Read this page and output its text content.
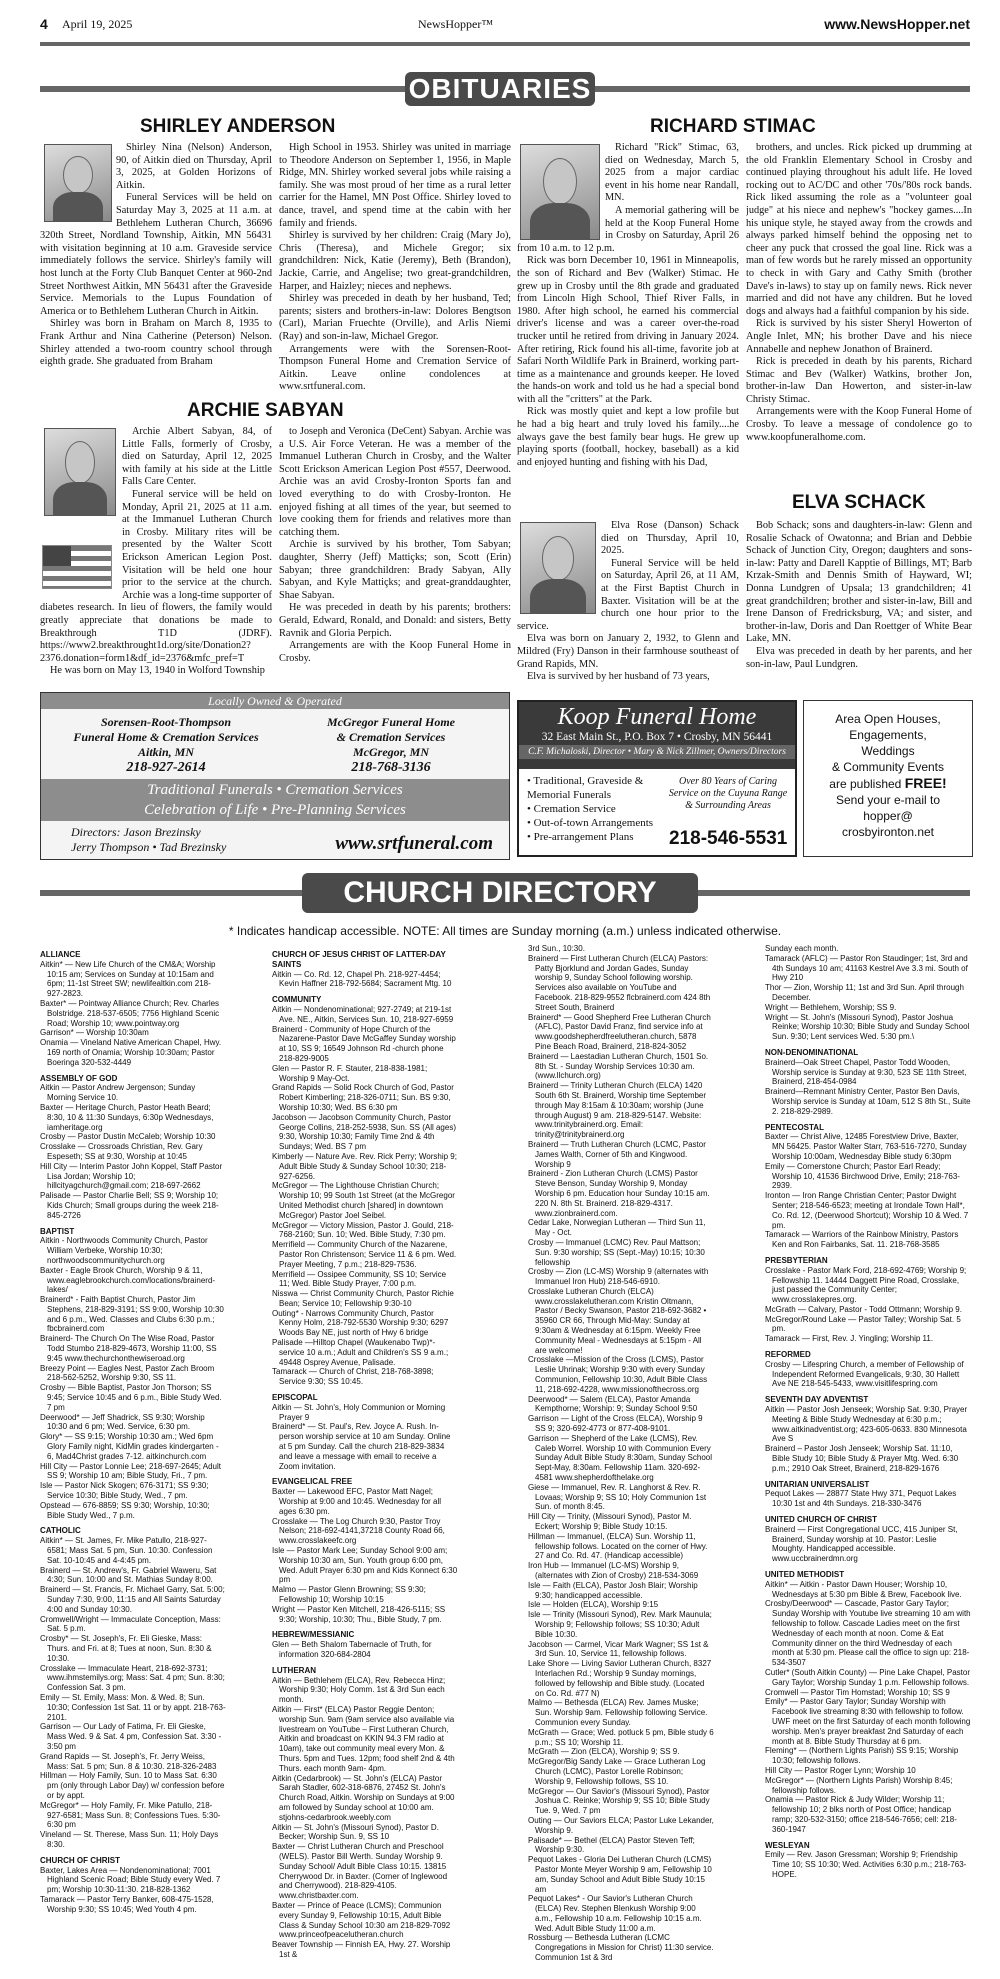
4 April 19, 2025	NewsHopper™	www.NewsHopper.net
OBITUARIES
SHIRLEY ANDERSON

Shirley Nina (Nelson) Anderson, 90, of Aitkin died on Thursday, April 3, 2025, at Golden Horizons of Aitkin.

Funeral Services will be held on Saturday May 3, 2025 at 11 a.m. at Bethlehem Lutheran Church, 36696 320th Street, Nordland Township, Aitkin, MN 56431 with visitation beginning at 10 a.m. Graveside service immediately follows the service. Shirley's family will host lunch at the Forty Club Banquet Center at 960-2nd Street Northwest Aitkin, MN 56431 after the Graveside Service. Memorials to the Lupus Foundation of America or to Bethlehem Lutheran Church in Aitkin.

Shirley was born in Braham on March 8, 1935 to Frank Arthur and Nina Catherine (Peterson) Nelson. Shirley attended a two-room country school through eighth grade. She graduated from Braham

High School in 1953. Shirley was united in marriage to Theodore Anderson on September 1, 1956, in Maple Ridge, MN. Shirley worked several jobs while raising a family. She was most proud of her time as a rural letter carrier for the Hamel, MN Post Office. Shirley loved to dance, travel, and spend time at the cabin with her family and friends.

Shirley is survived by her children: Craig (Mary Jo), Chris (Theresa), and Michele Gregor; six grandchildren: Nick, Katie (Jeremy), Beth (Brandon), Jackie, Carrie, and Angelise; two great-grandchildren, Harper, and Haizley; nieces and nephews.

Shirley was preceded in death by her husband, Ted; parents; sisters and brothers-in-law: Dolores Bengtson (Carl), Marian Fruechte (Orville), and Arlis Niemi (Ray) and son-in-law, Michael Gregor.

Arrangements were with the Sorensen-Root-Thompson Funeral Home and Cremation Service of Aitkin. Leave online condolences at www.srtfuneral.com.

ARCHIE SABYAN

Archie Albert Sabyan, 84, of Little Falls, formerly of Crosby, died on Saturday, April 12, 2025 with family at his side at the Little Falls Care Center.

Funeral service will be held on Monday, April 21, 2025 at 11 a.m. at the Immanuel Lutheran Church in Crosby. Military rites will be presented by the Walter Scott Erickson American Legion Post. Visitation will be held one hour prior to the service at the church. Archie was a long-time supporter of diabetes research. In lieu of flowers, the family would greatly appreciate that donations be made to Breakthrough T1D (JDRF). https://www2.breakthrought1d.org/site/Donation2?2376.donation=form1&df_id=2376&mfc_pref=T

He was born on May 13, 1940 in Wolford Township

to Joseph and Veronica (DeCent) Sabyan. Archie was a U.S. Air Force Veteran. He was a member of the Immanuel Lutheran Church in Crosby, and the Walter Scott Erickson American Legion Post #557, Deerwood. Archie was an avid Crosby-Ironton Sports fan and loved everything to do with Crosby-Ironton. He enjoyed fishing at all times of the year, but seemed to love cooking them for friends and relatives more than catching them.

Archie is survived by his brother, Tom Sabyan; daughter, Sherry (Jeff) Mattiçks; son, Scott (Erin) Sabyan; three grandchildren: Brady Sabyan, Ally Sabyan, and Kyle Mattiçks; and great-granddaughter, Shae Sabyan.

He was preceded in death by his parents; brothers: Gerald, Edward, Ronald, and Donald: and sisters, Betty Ravnik and Gloria Perpich.

Arrangements are with the Koop Funeral Home in Crosby.

RICHARD STIMAC

Richard "Rick" Stimac, 63, died on Wednesday, March 5, 2025 from a major cardiac event in his home near Randall, MN.

A memorial gathering will be held at the Koop Funeral Home in Crosby on Saturday, April 26 from 10 a.m. to 12 p.m.

Rick was born December 10, 1961 in Minneapolis, the son of Richard and Bev (Walker) Stimac. He grew up in Crosby until the 8th grade and graduated from Lincoln High School, Thief River Falls, in 1980. After high school, he earned his commercial driver's license and was a career over-the-road trucker until he retired from driving in January 2024. After retiring, Rick found his all-time, favorite job at Safari North Wildlife Park in Brainerd, working part-time as a maintenance and grounds keeper. He loved the hands-on work and told us he had a special bond with all the "critters" at the Park.

Rick was mostly quiet and kept a low profile but he had a big heart and truly loved his family....he always gave the best family bear hugs. He grew up playing sports (football, hockey, baseball) as a kid and enjoyed hunting and fishing with his Dad,

brothers, and uncles. Rick picked up drumming at the old Franklin Elementary School in Crosby and continued playing throughout his adult life. He loved rocking out to AC/DC and other '70s/'80s rock bands. Rick liked assuming the role as a "volunteer goal judge" at his niece and nephew's "hockey games....In his unique style, he stayed away from the crowds and always parked himself behind the opposing net to cheer any puck that crossed the goal line. Rick was a man of few words but he rarely missed an opportunity to check in with Gary and Cathy Smith (brother Dave's in-laws) to stay up on family news. Rick never married and did not have any children. But he loved dogs and always had a faithful companion by his side.

Rick is survived by his sister Sheryl Howerton of Angle Inlet, MN; his brother Dave and his niece Annabelle and nephew Jonathon of Brainerd.

Rick is preceded in death by his parents, Richard Stimac and Bev (Walker) Watkins, brother Jon, brother-in-law Dan Howerton, and sister-in-law Christy Stimac.

Arrangements were with the Koop Funeral Home of Crosby. To leave a message of condolence go to www.koopfuneralhome.com.

ELVA SCHACK

Elva Rose (Danson) Schack died on Thursday, April 10, 2025.

Funeral Service will be held on Saturday, April 26, at 11 AM, at the First Baptist Church in Baxter. Visitation will be at the church one hour prior to the service.

Elva was born on January 2, 1932, to Glenn and Mildred (Fry) Danson in their farmhouse southeast of Grand Rapids, MN.

Elva is survived by her husband of 73 years,

Bob Schack; sons and daughters-in-law: Glenn and Rosalie Schack of Owatonna; and Brian and Debbie Schack of Junction City, Oregon; daughters and sons-in-law: Patty and Darell Kapptie of Billings, MT; Barb Krzak-Smith and Dennis Smith of Hayward, WI; Donna Lundgren of Upsala; 13 grandchildren; 41 great grandchildren; brother and sister-in-law, Bill and Irene Danson of Fredricksburg, VA; and sister, and brother-in-law, Doris and Dan Roettger of White Bear Lake, MN.

Elva was preceded in death by her parents, and her son-in-law, Paul Lundgren.

Locally Owned & Operated
Sorensen-Root-Thompson
Funeral Home & Cremation Services
Aitkin, MN
218-927-2614
McGregor Funeral Home
& Cremation Services
McGregor, MN
218-768-3136
Traditional Funerals • Cremation Services
Celebration of Life • Pre-Planning Services
Directors: Jason Brezinsky
Jerry Thompson • Tad Brezinsky	www.srtfuneral.com
Koop Funeral Home
32 East Main St., P.O. Box 7 • Crosby, MN 56441
C.F. Michaloski, Director • Mary & Nick Zillmer, Owners/Directors
• Traditional, Graveside &
Memorial Funerals
• Cremation Service
• Out-of-town Arrangements
• Pre-arrangement Plans
Over 80 Years of Caring Service on the Cuyuna Range & Surrounding Areas
218-546-5531
Area Open Houses,
Engagements,
Weddings
& Community Events
are published FREE!
Send your e-mail to
hopper@
crosbyironton.net
CHURCH DIRECTORY
* Indicates handicap accessible. NOTE: All times are Sunday morning (a.m.) unless indicated otherwise.
ALLIANCE
Aitkin* — New Life Church of the CM&A; Worship 10:15 am; Services on Sunday at 10:15am and 6pm; 11-1st Street SW; newlifealtkin.com 218-927-2823.
Baxter* — Pointway Alliance Church; Rev. Charles Bolstridge. 218-537-6505; 7756 Highland Scenic Road; Worship 10; www.pointway.org
Garrison* — Worship 10:30am
Onamia — Vineland Native American Chapel, Hwy. 169 north of Onamia; Worship 10:30am; Pastor Boeringa 320-532-4449
ASSEMBLY OF GOD
Aitkin — Pastor Andrew Jergenson; Sunday Morning Service 10.
Baxter — Heritage Church, Pastor Heath Beard; 8:30, 10 & 11:30 Sundays, 6:30p Wednesdays, iamheritage.org
Crosby — Pastor Dustin McCaleb; Worship 10:30
Crosslake — Crossroads Christian, Rev. Gary Espeseth; SS at 9:30, Worship at 10:45
Hill City — Interim Pastor John Koppel, Staff Pastor Lisa Jordan; Worship 10; hillcityagchurch@gmail.com; 218-697-2662
Palisade — Pastor Charlie Bell; SS 9; Worship 10; Kids Church; Small groups during the week 218-845-2726
BAPTIST
Aitkin - Northwoods Community Church, Pastor William Verbeke, Worship 10:30; northwoodscommunitychurch.org
Baxter - Eagle Brook Church, Worship 9 & 11, www.eaglebrookchurch.com/locations/brainerd-lakes/
Brainerd* - Faith Baptist Church, Pastor Jim Stephens, 218-829-3191; SS 9:00, Worship 10:30 and 6 p.m., Wed. Classes and Clubs 6:30 p.m.; fbcbrainerd.com
Brainerd- The Church On The Wise Road, Pastor Todd Stumbo 218-829-4673, Worship 11:00, SS 9:45 www.thechurchonthewiseroad.org
Breezy Point — Eagles Nest, Pastor Zach Broom 218-562-5252, Worship 9:30, SS 11.
Crosby — Bible Baptist, Pastor Jon Thorson; SS 9:45; Service 10:45 and 6 p.m., Bible Study Wed. 7 pm
Deerwood* — Jeff Shadrick, SS 9:30; Worship 10:30 and 6 pm; Wed. Service, 6:30 pm.
Glory* — SS 9:15; Worship 10:30 am.; Wed 6pm Glory Family night, KidMin grades kindergarten - 6, Mad4Christ grades 7-12. aitkinchurch.com
Hill City — Pastor Lonnie Lee; 218-697-2645; Adult SS 9; Worship 10 am; Bible Study, Fri., 7 pm.
Isle — Pastor Nick Skogen; 676-3171; SS 9:30; Service 10:30; Bible Study, Wed., 7 pm.
Opstead — 676-8859; SS 9:30; Worship, 10:30; Bible Study Wed., 7 p.m.
CATHOLIC
Aitkin* — St. James, Fr. Mike Patullo, 218-927-6581; Mass Sat. 5 pm, Sun. 10:30. Confession Sat. 10-10:45 and 4-4:45 pm.
Brainerd — St. Andrew's, Fr. Gabriel Waweru, Sat 4:30; Sun. 10:00 and St. Mathias Sunday 8:00.
Brainerd — St. Francis, Fr. Michael Garry, Sat. 5:00; Sunday 7:30, 9:00, 11:15 and All Saints Saturday 4:00 and Sunday 10:30.
Cromwell/Wright — Immaculate Conception, Mass: Sat. 5 p.m.
Crosby* — St. Joseph's, Fr. Eli Gieske, Mass: Thurs. and Fri. at 8; Tues at noon, Sun. 8:30 & 10:30.
Crosslake — Immaculate Heart, 218-692-3731; www.ihmstemilys.org; Mass: Sat. 4 pm; Sun. 8:30; Confession Sat. 3 pm.
Emily — St. Emily, Mass: Mon. & Wed. 8; Sun. 10:30; Confession 1st Sat. 11 or by appt. 218-763-2101.
Garrison — Our Lady of Fatima, Fr. Eli Gieske, Mass Wed. 9 & Sat. 4 pm, Confession Sat. 3:30 - 3:50 pm
Grand Rapids — St. Joseph's, Fr. Jerry Weiss, Mass: Sat. 5 pm; Sun. 8 & 10:30. 218-326-2483
Hillman — Holy Family, Sun. 10 to Mass Sat. 6:30 pm (only through Labor Day) w/ confession before or by appt.
McGregor* — Holy Family, Fr. Mike Patullo, 218-927-6581; Mass Sun. 8; Confessions Tues. 5:30-6:30 pm
Vineland — St. Therese, Mass Sun. 11; Holy Days 8:30.
CHURCH OF CHRIST
Baxter, Lakes Area — Nondenominational; 7001 Highland Scenic Road; Bible Study every Wed. 7 pm; Worship 10:30-11:30. 218-828-1362
Tamarack — Pastor Terry Banker, 608-475-1528, Worship 9:30; SS 10:45; Wed Youth 4 pm.
CHURCH OF JESUS CHRIST OF LATTER-DAY SAINTS
Aitkin — Co. Rd. 12, Chapel Ph. 218-927-4454; Kevin Haffner 218-792-5684; Sacrament Mtg. 10
COMMUNITY
Aitkin — Nondenominational; 927-2749; at 219-1st Ave. NE., Aitkin, Services Sun. 10, 218-927-6959
Brainerd - Community of Hope Church of the Nazarene-Pastor Dave McGaffey Sunday worship at 10, SS 9; 16549 Johnson Rd -church phone 218-829-9005
Glen — Pastor R. F. Stauter, 218-838-1981; Worship 9 May-Oct.
Grand Rapids — Solid Rock Church of God, Pastor Robert Kimberling; 218-326-0711; Sun. BS 9:30, Worship 10:30; Wed. BS 6:30 pm
Jacobson — Jacobson Community Church, Pastor George Collins, 218-252-5938, Sun. SS (All ages) 9:30, Worship 10:30; Family Time 2nd & 4th Sundays; Wed. BS 7 pm
Kimberly — Nature Ave. Rev. Rick Perry; Worship 9; Adult Bible Study & Sunday School 10:30; 218-927-6256.
McGregor — The Lighthouse Christian Church; Worship 10; 99 South 1st Street (at the McGregor United Methodist church [shared] in downtown McGregor) Pastor Joel Seibel.
McGregor — Victory Mission, Pastor J. Gould, 218-768-2160; Sun. 10; Wed. Bible Study, 7:30 pm.
Merrifield — Community Church of the Nazarene, Pastor Ron Christenson; Service 11 & 6 pm. Wed. Prayer Meeting, 7 p.m.; 218-829-7536.
Merrifield — Ossipee Community, SS 10; Service 11; Wed. Bible Study Prayer, 7:00 p.m.
Nisswa — Christ Community Church, Pastor Richie Bean; Service 10; Fellowship 9:30-10
Outing* - Narrows Community Church, Pastor Kenny Holm, 218-792-5530 Worship 9:30; 6297 Woods Bay NE, just north of Hwy 6 bridge
Palisade —Hilltop Chapel (Waukenabo Twp)*- service 10 a.m.; Adult and Children's SS 9 a.m.; 49448 Osprey Avenue, Palisade.
Tamarack — Church of Christ, 218-768-3898; Service 9:30; SS 10:45.
EPISCOPAL
Aitkin — St. John's, Holy Communion or Morning Prayer 9
Brainerd* — St. Paul's, Rev. Joyce A. Rush. In-person worship service at 10 am Sunday. Online at 5 pm Sunday. Call the church 218-829-3834 and leave a message with email to receive a Zoom invitation.
EVANGELICAL FREE
Baxter — Lakewood EFC, Pastor Matt Nagel; Worship at 9:00 and 10:45. Wednesday for all ages 6:30 pm.
Crosslake — The Log Church 9:30, Pastor Troy Nelson; 218-692-4141,37218 County Road 66, www.crosslakeefc.org
Isle — Pastor Mark Lee; Sunday School 9:00 am; Worship 10:30 am, Sun. Youth group 6:00 pm, Wed. Adult Prayer 6:30 pm and Kids Konnect 6:30 pm
Malmo — Pastor Glenn Browning; SS 9:30; Fellowship 10; Worship 10:15
Wright — Pastor Ken Mitchell, 218-426-5115; SS 9:30; Worship, 10:30; Thu., Bible Study, 7 pm.
HEBREW/MESSIANIC
Glen — Beth Shalom Tabernacle of Truth, for information 320-684-2804
LUTHERAN
Aitkin — Bethlehem (ELCA), Rev. Rebecca Hinz; Worship 9:30; Holy Comm. 1st & 3rd Sun each month.
Aitkin — First* (ELCA) Pastor Reggie Denton; worship Sun. 9am (9am service also available via livestream on YouTube – First Lutheran Church, Aitkin and broadcast on KKIN 94.3 FM radio at 10am), take out community meal every Mon. & Thurs. 5pm and Tues. 12pm; food shelf 2nd & 4th Thurs. each month 9am- 4pm.
Aitkin (Cedarbrook) — St. John's (ELCA) Pastor Sarah Stadler, 602-318-6876, 27452 St. John's Church Road, Aitkin. Worship on Sundays at 9:00 am followed by Sunday school at 10:00 am. stjohns-cedarbrook.weebly.com
Aitkin — St. John's (Missouri Synod), Pastor D. Becker; Worship Sun. 9, SS 10
Baxter — Christ Lutheran Church and Preschool (WELS). Pastor Bill Werth. Sunday Worship 9. Sunday School/ Adult Bible Class 10:15. 13815 Cherrywood Dr. in Baxter. (Corner of Inglewood and Cherrywood). 218-829-4105. www.christbaxter.com.
Baxter — Prince of Peace (LCMS); Communion every Sunday 9, Fellowship 10:15, Adult Bible Class & Sunday School 10:30 am 218-829-7092 www.princeofpeacelutheran.church
Beaver Township — Finnish EA, Hwy. 27. Worship 1st &
3rd Sun., 10:30.
Brainerd — First Lutheran Church (ELCA) Pastors: Patty Bjorklund and Jordan Gades, Sunday worship 9, Sunday School following worship. Services also available on YouTube and Facebook. 218-829-9552 flcbrainerd.com 424 8th Street South, Brainerd
Brainerd* — Good Shepherd Free Lutheran Church (AFLC), Pastor David Franz, find service info at www.goodshepherdfreelutheran.church, 5878 Pine Beach Road, Brainerd, 218-824-3052
Brainerd — Laestadian Lutheran Church, 1501 So. 8th St. - Sunday Worship Services 10:30 am. (www.llchurch.org)
Brainerd — Trinity Lutheran Church (ELCA) 1420 South 6th St. Brainerd, Worship time September through May 8:15am & 10:30am; worship (June through August) 9 am. 218-829-5147. Website: www.trinitybrainerd.org. Email: trinity@trinitybrainerd.org
Brainerd — Truth Lutheran Church (LCMC, Pastor James Walth, Corner of 5th and Kingwood. Worship 9
Brainerd - Zion Lutheran Church (LCMS) Pastor Steve Benson, Sunday Worship 9, Monday Worship 6 pm. Education hour Sunday 10:15 am. 220 N. 8th St. Brainerd. 218-829-4317. www.zionbrainerd.com.
Cedar Lake, Norwegian Lutheran — Third Sun 11, May - Oct.
Crosby — Immanuel (LCMC) Rev. Paul Mattson; Sun. 9:30 worship; SS (Sept.-May) 10:15; 10:30 fellowship
Crosby — Zion (LC-MS) Worship 9 (alternates with Immanuel Iron Hub) 218-546-6910.
Crosslake Lutheran Church (ELCA) www.crosslakelutheran.com Kristin Oltmann, Pastor / Becky Swanson, Pastor 218-692-3682 • 35960 CR 66, Through Mid-May: Sunday at 9:30am & Wednesday at 6:15pm. Weekly Free Community Meal - Wednesdays at 5:15pm - All are welcome!
Crosslake —Mission of the Cross (LCMS), Pastor Leslie Uhrinak; Worship 9:30 with every Sunday Communion, Fellowship 10:30, Adult Bible Class 11, 218-692-4228, www.missionofthecross.org
Deerwood* — Salem (ELCA), Pastor Amanda Kempthorne; Worship: 9; Sunday School 9:50
Garrison — Light of the Cross (ELCA), Worship 9 SS 9; 320-692-4773 or 877-408-9101.
Garrison — Shepherd of the Lake (LCMS), Rev. Caleb Worrel. Worship 10 with Communion Every Sunday Adult Bible Study 8:30am, Sunday School Sept-May, 8:30am. Fellowship 11am. 320-692-4581 www.shepherdofthelake.org
Giese — Immanuel, Rev. R. Langhorst & Rev. R. Lovaas; Worship 9; SS 10; Holy Communion 1st Sun. of month 8:45.
Hill City — Trinity, (Missouri Synod), Pastor M. Eckert; Worship 9; Bible Study 10:15.
Hillman — Immanuel, (ELCA) Sun. Worship 11, fellowship follows. Located on the corner of Hwy. 27 and Co. Rd. 47. (Handicap accessible)
Iron Hub — Immanuel (LC-MS) Worship 9, (alternates with Zion of Crosby) 218-534-3069
Isle — Faith (ELCA), Pastor Josh Blair; Worship 9:30; handicapped accessible.
Isle — Holden (ELCA), Worship 9:15
Isle — Trinity (Missouri Synod), Rev. Mark Maunula; Worship 9; Fellowship follows; SS 10:30; Adult Bible 10:30.
Jacobson — Carmel, Vicar Mark Wagner; SS 1st & 3rd Sun. 10, Service 11, fellowship follows.
Lake Shore — Living Savior Lutheran Church, 8327 Interlachen Rd.; Worship 9 Sunday mornings, followed by fellowship and Bible study. (Located on Co. Rd. #77 N)
Malmo — Bethesda (ELCA) Rev. James Muske; Sun. Worship 9am. Fellowship following Service. Communion every Sunday.
McGrath — Grace; Wed. potluck 5 pm, Bible study 6 p.m.; SS 10; Worship 11.
McGrath — Zion (ELCA), Worship 9; SS 9.
McGregor/Big Sandy Lake — Grace Lutheran Log Church (LCMC), Pastor Lorelle Robinson; Worship 9, Fellowship follows, SS 10.
McGregor — Our Savior's (Missouri Synod), Pastor Joshua C. Reinke; Worship 9; SS 10; Bible Study Tue. 9, Wed. 7 pm
Outing — Our Saviors ELCA; Pastor Luke Lekander, Worship 9.
Palisade* — Bethel (ELCA) Pastor Steven Teff; Worship 9:30.
Pequot Lakes - Gloria Dei Lutheran Church (LCMS) Pastor Monte Meyer Worship 9 am, Fellowship 10 am, Sunday School and Adult Bible Study 10:15 am
Pequot Lakes* - Our Savior's Lutheran Church (ELCA) Rev. Stephen Blenkush Worship 9:00 a.m., Fellowship 10 a.m. Fellowship 10:15 a.m. Wed. Adult Bible Study 11:00 a.m.
Rossburg — Bethesda Lutheran (LCMC Congregations in Mission for Christ) 11:30 service. Communion 1st & 3rd
Sunday each month.
Tamarack (AFLC) — Pastor Ron Staudinger; 1st, 3rd and 4th Sundays 10 am; 41163 Kestrel Ave 3.3 mi. South of Hwy 210
Thor — Zion, Worship 11; 1st and 3rd Sun. April through December.
Wright — Bethlehem, Worship; SS 9.
Wright — St. John's (Missouri Synod), Pastor Joshua Reinke; Worship 10:30; Bible Study and Sunday School Sun. 9:30; Lent services Wed. 5:30 pm.\
NON-DENOMINATIONAL
Brainerd—Oak Street Chapel, Pastor Todd Wooden, Worship service is Sunday at 9:30, 523 SE 11th Street, Brainerd, 218-454-0984
Brainerd—Remnant Ministry Center, Pastor Ben Davis, Worship service is Sunday at 10am, 512 S 8th St., Suite 2. 218-829-2989.
PENTECOSTAL
Baxter — Christ Alive, 12485 Forestview Drive, Baxter, MN 56425. Pastor Walter Starr, 763-516-7270, Sunday Worship 10:00am, Wednesday Bible study 6:30pm
Emily — Cornerstone Church; Pastor Earl Ready; Worship 10, 41536 Birchwood Drive, Emily; 218-763-2939.
Ironton — Iron Range Christian Center; Pastor Dwight Senter; 218-546-6523; meeting at Irondale Town Hall*, Co. Rd. 12, (Deerwood Shortcut); Worship 10 & Wed. 7 pm.
Tamarack — Warriors of the Rainbow Ministry, Pastors Ken and Ron Fairbanks, Sat. 11. 218-768-3585
PRESBYTERIAN
Crosslake - Pastor Mark Ford, 218-692-4769; Worship 9; Fellowship 11. 14444 Daggett Pine Road, Crosslake, just passed the Community Center; www.crosslakepres.org.
McGrath — Calvary, Pastor - Todd Ottmann; Worship 9.
McGregor/Round Lake — Pastor Talley; Worship Sat. 5 pm.
Tamarack — First, Rev. J. Yingling; Worship 11.
REFORMED
Crosby — Lifespring Church, a member of Fellowship of Independent Reformed Evangelicals, 9:30, 30 Hallett Ave NE 218-545-5433, www.visitlifespring.com
SEVENTH DAY ADVENTIST
Aitkin — Pastor Josh Jenseek; Worship Sat. 9:30, Prayer Meeting & Bible Study Wednesday at 6:30 p.m.; www.aitkinadventist.org; 423-605-0633. 830 Minnesota Ave S
Brainerd – Pastor Josh Jenseek; Worship Sat. 11:10, Bible Study 10; Bible Study & Prayer Mtg. Wed. 6:30 p.m.; 2910 Oak Street, Brainerd, 218-829-1676
UNITARIAN UNIVERSALIST
Pequot Lakes — 28877 State Hwy 371, Pequot Lakes 10:30 1st and 4th Sundays. 218-330-3476
UNITED CHURCH OF CHRIST
Brainerd — First Congregational UCC, 415 Juniper St, Brainerd, Sunday worship at 10. Pastor: Leslie Moughty. Handicapped accessible. www.uccbrainerdmn.org
UNITED METHODIST
Aitkin* — Aitkin - Pastor Dawn Houser; Worship 10, Wednesdays at 5:30 pm Bible & Brew, Facebook live.
Crosby/Deerwood* — Cascade, Pastor Gary Taylor; Sunday Worship with Youtube live streaming 10 am with fellowship to follow. Cascade Ladies meet on the first Wednesday of each month at noon. Come & Eat Community dinner on the third Wednesday of each month at 5:30 pm. Please call the office to sign up: 218-534-3507
Cutler* (South Aitkin County) — Pine Lake Chapel, Pastor Gary Taylor; Worship Sunday 1 p.m. Fellowship follows.
Cromwell — Pastor Tim Homstad; Worship 10; SS 9
Emily* — Pastor Gary Taylor; Sunday Worship with Facebook live streaming 8:30 with fellowship to follow. UWF meet on the first Saturday of each month following worship. Men's prayer breakfast 2nd Saturday of each month at 8. Bible Study Thursday at 6 pm.
Fleming* — (Northern Lights Parish) SS 9:15; Worship 10:30; fellowship follows.
Hill City — Pastor Roger Lynn; Worship 10
McGregor* — (Northern Lights Parish) Worship 8:45; fellowship follows.
Onamia — Pastor Rick & Judy Wilder; Worship 11; fellowship 10; 2 blks north of Post Office; handicap ramp; 320-532-3150; office 218-546-7656; cell: 218-360-1947
WESLEYAN
Emily — Rev. Jason Gressman; Worship 9; Friendship Time 10; SS 10:30; Wed. Activities 6:30 p.m.; 218-763-HOPE.
